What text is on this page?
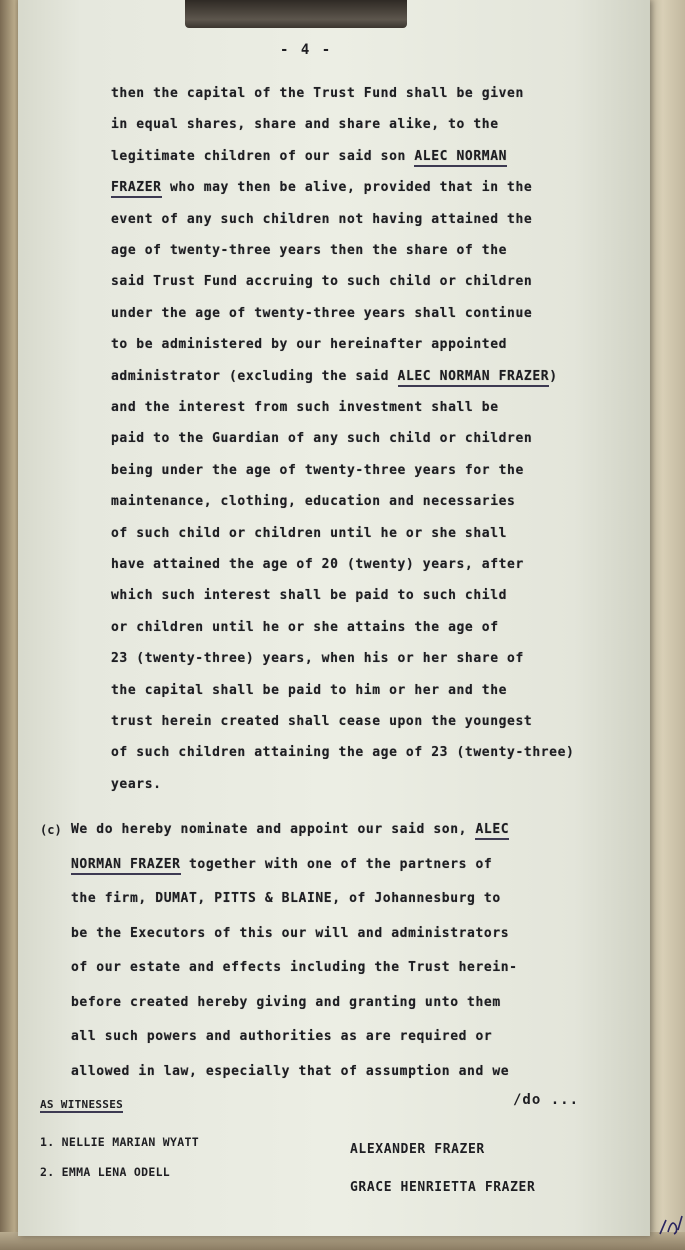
- 4 -
then the capital of the Trust Fund shall be given
in equal shares, share and share alike, to the
legitimate children of our said son ALEC NORMAN
FRAZER who may then be alive, provided that in the
event of any such children not having attained the
age of twenty-three years then the share of the
said Trust Fund accruing to such child or children
under the age of twenty-three years shall continue
to be administered by our hereinafter appointed
administrator (excluding the said ALEC NORMAN FRAZER)
and the interest from such investment shall be
paid to the Guardian of any such child or children
being under the age of twenty-three years for the
maintenance, clothing, education and necessaries
of such child or children until he or she shall
have attained the age of 20 (twenty) years, after
which such interest shall be paid to such child
or children until he or she attains the age of
23 (twenty-three) years, when his or her share of
the capital shall be paid to him or her and the
trust herein created shall cease upon the youngest
of such children attaining the age of 23 (twenty-three)
years.
(c) We do hereby nominate and appoint our said son, ALEC
NORMAN FRAZER together with one of the partners of
the firm, DUMAT, PITTS & BLAINE, of Johannesburg to
be the Executors of this our will and administrators
of our estate and effects including the Trust herein-
before created hereby giving and granting unto them
all such powers and authorities as are required or
allowed in law, especially that of assumption and we
AS WITNESSES	/do ...
1. NELLIE MARIAN WYATT
2. EMMA LENA ODELL
ALEXANDER FRAZER
GRACE HENRIETTA FRAZER
